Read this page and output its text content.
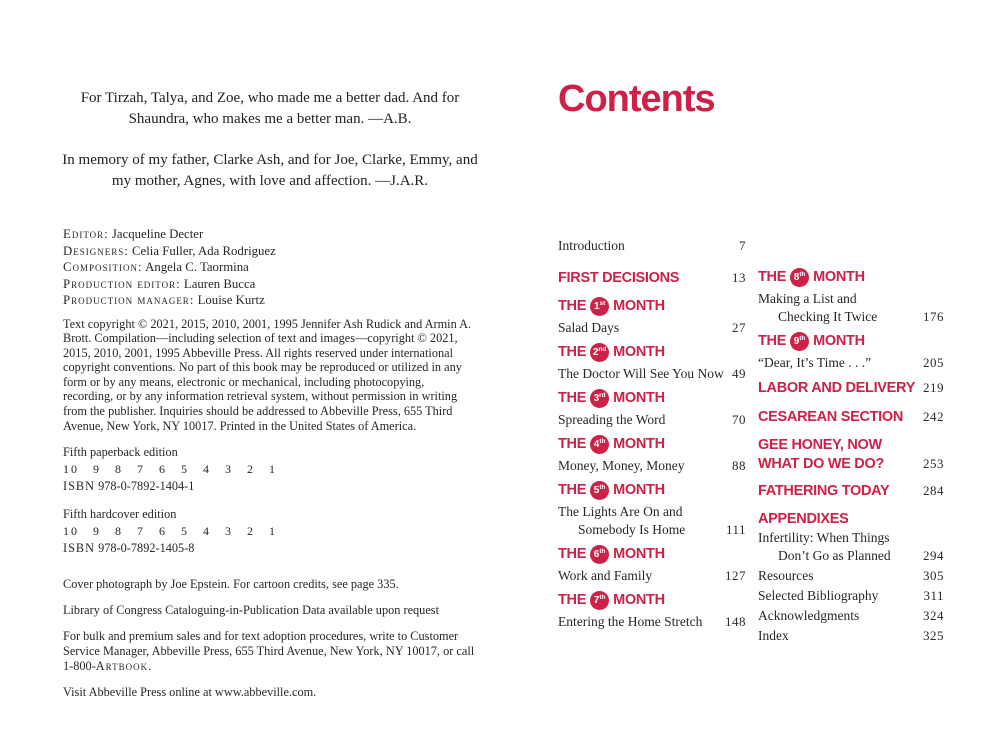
For Tirzah, Talya, and Zoe, who made me a better dad. And for Shaundra, who makes me a better man. —A.B.

In memory of my father, Clarke Ash, and for Joe, Clarke, Emmy, and my mother, Agnes, with love and affection. —J.A.R.

Editor: Jacqueline Decter
Designers: Celia Fuller, Ada Rodriguez
Composition: Angela C. Taormina
Production editor: Lauren Bucca
Production manager: Louise Kurtz

Text copyright © 2021, 2015, 2010, 2001, 1995 Jennifer Ash Rudick and Armin A. Brott. Compilation—including selection of text and images—copyright © 2021, 2015, 2010, 2001, 1995 Abbeville Press. All rights reserved under international copyright conventions. No part of this book may be reproduced or utilized in any form or by any means, electronic or mechanical, including photocopying, recording, or by any information retrieval system, without permission in writing from the publisher. Inquiries should be addressed to Abbeville Press, 655 Third Avenue, New York, NY 10017. Printed in the United States of America.

Fifth paperback edition
10 9 8 7 6 5 4 3 2 1
ISBN 978-0-7892-1404-1
Fifth hardcover edition
10 9 8 7 6 5 4 3 2 1
ISBN 978-0-7892-1405-8

Cover photograph by Joe Epstein. For cartoon credits, see page 335.

Library of Congress Cataloguing-in-Publication Data available upon request

For bulk and premium sales and for text adoption procedures, write to Customer Service Manager, Abbeville Press, 655 Third Avenue, New York, NY 10017, or call 1-800-Artbook.

Visit Abbeville Press online at www.abbeville.com.

Contents
Introduction	7
FIRST DECISIONS	13
THE 1st MONTH
Salad Days	27
THE 2nd MONTH
The Doctor Will See You Now 49
THE 3rd MONTH
Spreading the Word	70
THE 4th MONTH
Money, Money, Money	88
THE 5th MONTH
The Lights Are On and
Somebody Is Home	111
THE 6th MONTH
Work and Family	127
THE 7th MONTH
Entering the Home Stretch	148
THE 8th MONTH
Making a List and
Checking It Twice	176
THE 9th MONTH
“Dear, It’s Time . . .”	205
LABOR AND DELIVERY 219
CESAREAN SECTION	242
GEE HONEY, NOW
WHAT DO WE DO?	253
FATHERING TODAY	284
APPENDIXES
Infertility: When Things
Don’t Go as Planned	294
Resources	305
Selected Bibliography	311
Acknowledgments	324
Index	325
